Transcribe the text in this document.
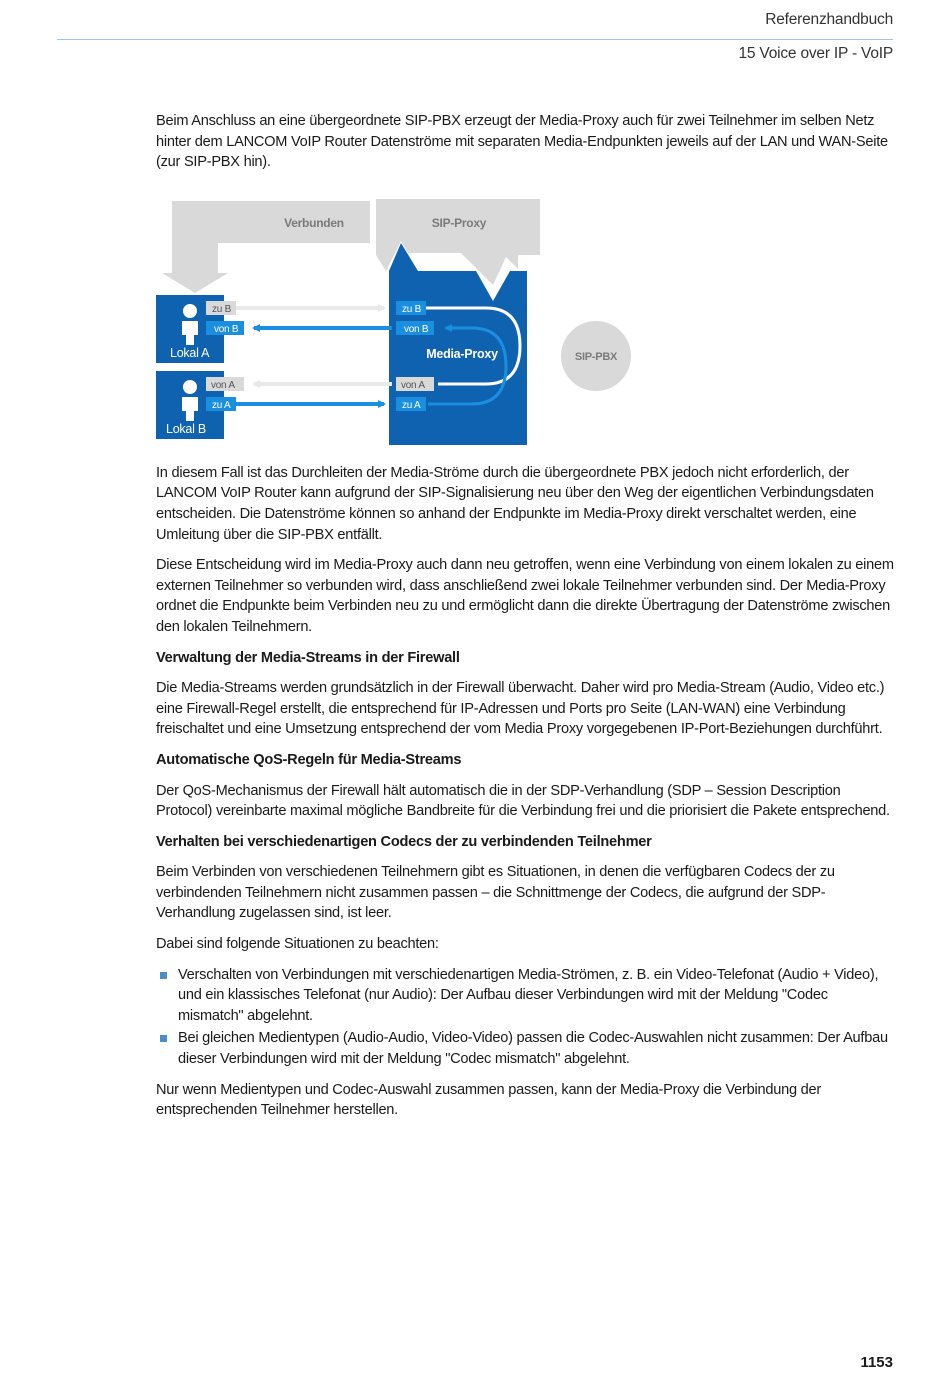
Referenzhandbuch
15 Voice over IP - VoIP

Beim Anschluss an eine übergeordnete SIP-PBX erzeugt der Media-Proxy auch für zwei Teilnehmer im selben Netz hinter dem LANCOM VoIP Router Datenströme mit separaten Media-Endpunkten jeweils auf der LAN und WAN-Seite (zur SIP-PBX hin).

Verbunden	SIP-Proxy
Media-Proxy
Lokal A
Lokal B
zu B
von B
von A
zu A
zu B
von B
von A
zu A
SIP-PBX

In diesem Fall ist das Durchleiten der Media-Ströme durch die übergeordnete PBX jedoch nicht erforderlich, der LANCOM VoIP Router kann aufgrund der SIP-Signalisierung neu über den Weg der eigentlichen Verbindungsdaten entscheiden. Die Datenströme können so anhand der Endpunkte im Media-Proxy direkt verschaltet werden, eine Umleitung über die SIP-PBX entfällt.

Diese Entscheidung wird im Media-Proxy auch dann neu getroffen, wenn eine Verbindung von einem lokalen zu einem externen Teilnehmer so verbunden wird, dass anschließend zwei lokale Teilnehmer verbunden sind. Der Media-Proxy ordnet die Endpunkte beim Verbinden neu zu und ermöglicht dann die direkte Übertragung der Datenströme zwischen den lokalen Teilnehmern.

Verwaltung der Media-Streams in der Firewall

Die Media-Streams werden grundsätzlich in der Firewall überwacht. Daher wird pro Media-Stream (Audio, Video etc.) eine Firewall-Regel erstellt, die entsprechend für IP-Adressen und Ports pro Seite (LAN-WAN) eine Verbindung freischaltet und eine Umsetzung entsprechend der vom Media Proxy vorgegebenen IP-Port-Beziehungen durchführt.

Automatische QoS-Regeln für Media-Streams

Der QoS-Mechanismus der Firewall hält automatisch die in der SDP-Verhandlung (SDP – Session Description Protocol) vereinbarte maximal mögliche Bandbreite für die Verbindung frei und die priorisiert die Pakete entsprechend.

Verhalten bei verschiedenartigen Codecs der zu verbindenden Teilnehmer

Beim Verbinden von verschiedenen Teilnehmern gibt es Situationen, in denen die verfügbaren Codecs der zu verbindenden Teilnehmern nicht zusammen passen – die Schnittmenge der Codecs, die aufgrund der SDP-Verhandlung zugelassen sind, ist leer.

Dabei sind folgende Situationen zu beachten:

Verschalten von Verbindungen mit verschiedenartigen Media-Strömen, z. B. ein Video-Telefonat (Audio + Video), und ein klassisches Telefonat (nur Audio): Der Aufbau dieser Verbindungen wird mit der Meldung "Codec mismatch" abgelehnt.
Bei gleichen Medientypen (Audio-Audio, Video-Video) passen die Codec-Auswahlen nicht zusammen: Der Aufbau dieser Verbindungen wird mit der Meldung "Codec mismatch" abgelehnt.

Nur wenn Medientypen und Codec-Auswahl zusammen passen, kann der Media-Proxy die Verbindung der entsprechenden Teilnehmer herstellen.

1153
